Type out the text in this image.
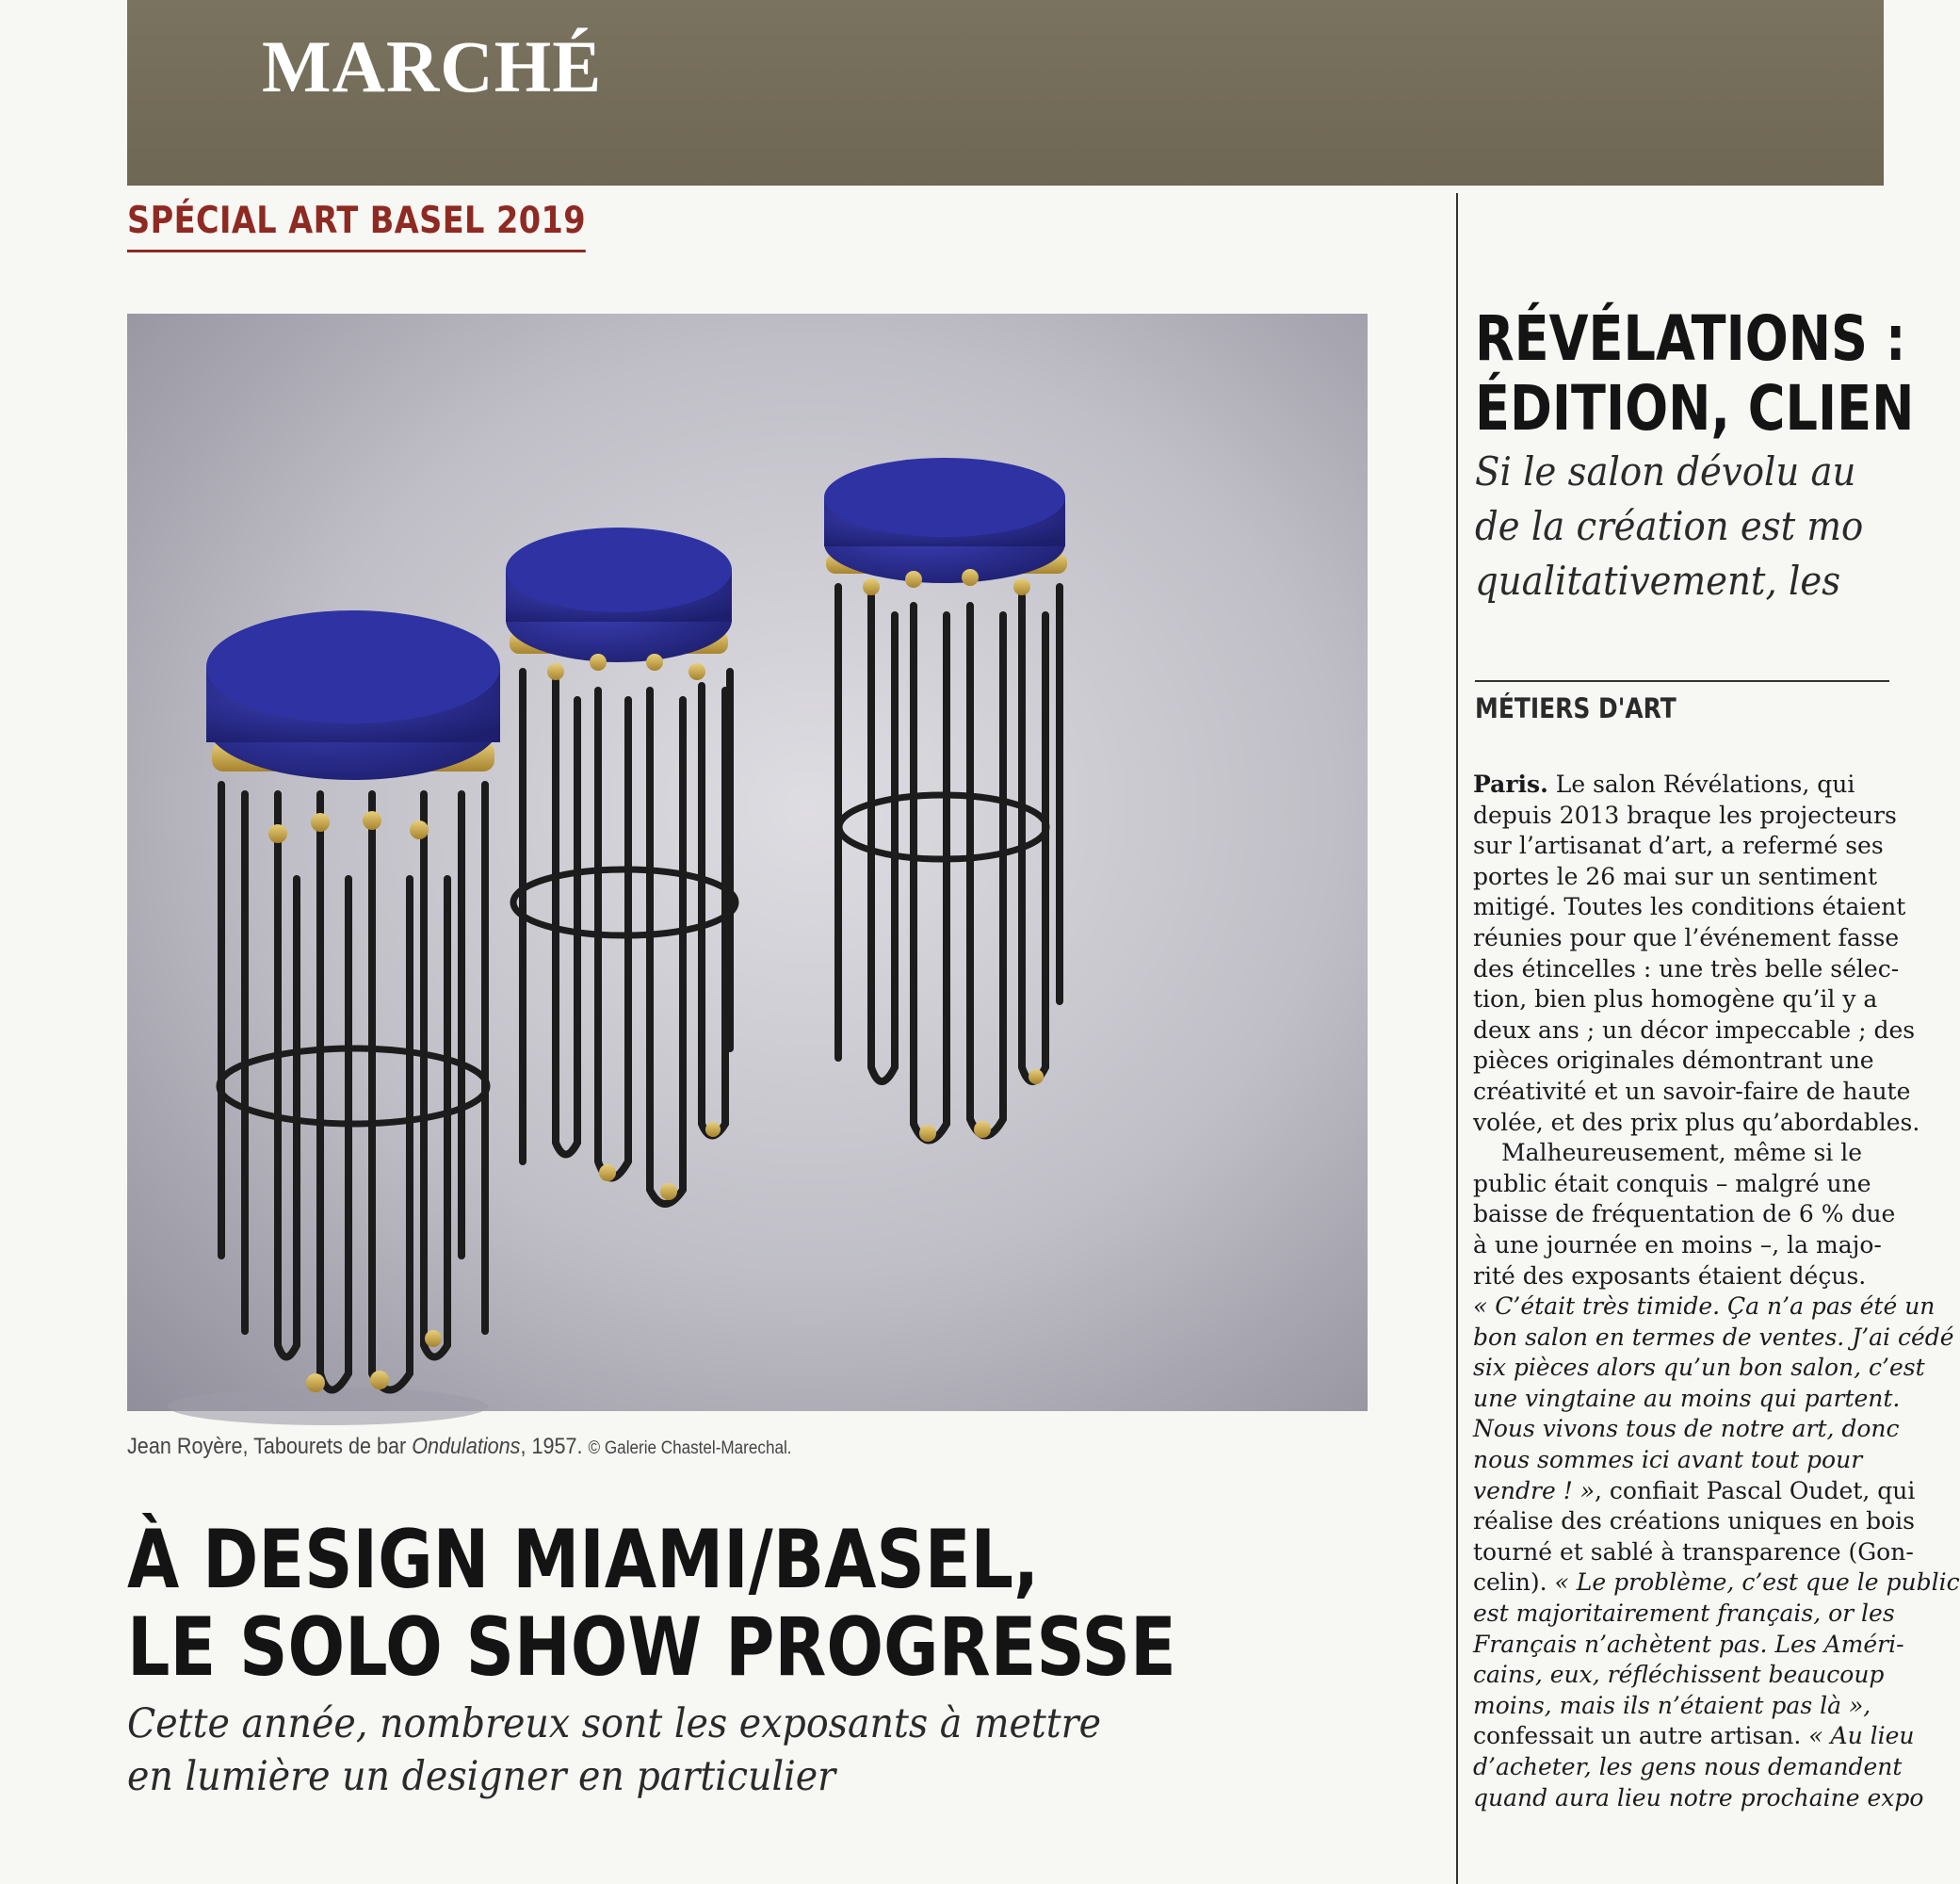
MARCHÉ
SPÉCIAL ART BASEL 2019
Jean Royère, Tabourets de bar Ondulations, 1957. © Galerie Chastel-Marechal.
À DESIGN MIAMI/BASEL,
LE SOLO SHOW PROGRESSE

Cette année, nombreux sont les exposants à mettre
en lumière un designer en particulier

RÉVÉLATIONS :
ÉDITION, CLIEN

Si le salon dévolu au
de la création est mo
qualitativement, les

MÉTIERS D'ART

Paris. Le salon Révélations, qui
depuis 2013 braque les projecteurs
sur l’artisanat d’art, a refermé ses
portes le 26 mai sur un sentiment
mitigé. Toutes les conditions étaient
réunies pour que l’événement fasse
des étincelles : une très belle sélec-
tion, bien plus homogène qu’il y a
deux ans ; un décor impeccable ; des
pièces originales démontrant une
créativité et un savoir-faire de haute
volée, et des prix plus qu’abordables.
Malheureusement, même si le
public était conquis – malgré une
baisse de fréquentation de 6 % due
à une journée en moins –, la majo-
rité des exposants étaient déçus.
« C’était très timide. Ça n’a pas été un
bon salon en termes de ventes. J’ai cédé
six pièces alors qu’un bon salon, c’est
une vingtaine au moins qui partent.
Nous vivons tous de notre art, donc
nous sommes ici avant tout pour
vendre ! », confiait Pascal Oudet, qui
réalise des créations uniques en bois
tourné et sablé à transparence (Gon-
celin). « Le problème, c’est que le public
est majoritairement français, or les
Français n’achètent pas. Les Améri-
cains, eux, réfléchissent beaucoup
moins, mais ils n’étaient pas là »,
confessait un autre artisan. « Au lieu
d’acheter, les gens nous demandent
quand aura lieu notre prochaine expo
